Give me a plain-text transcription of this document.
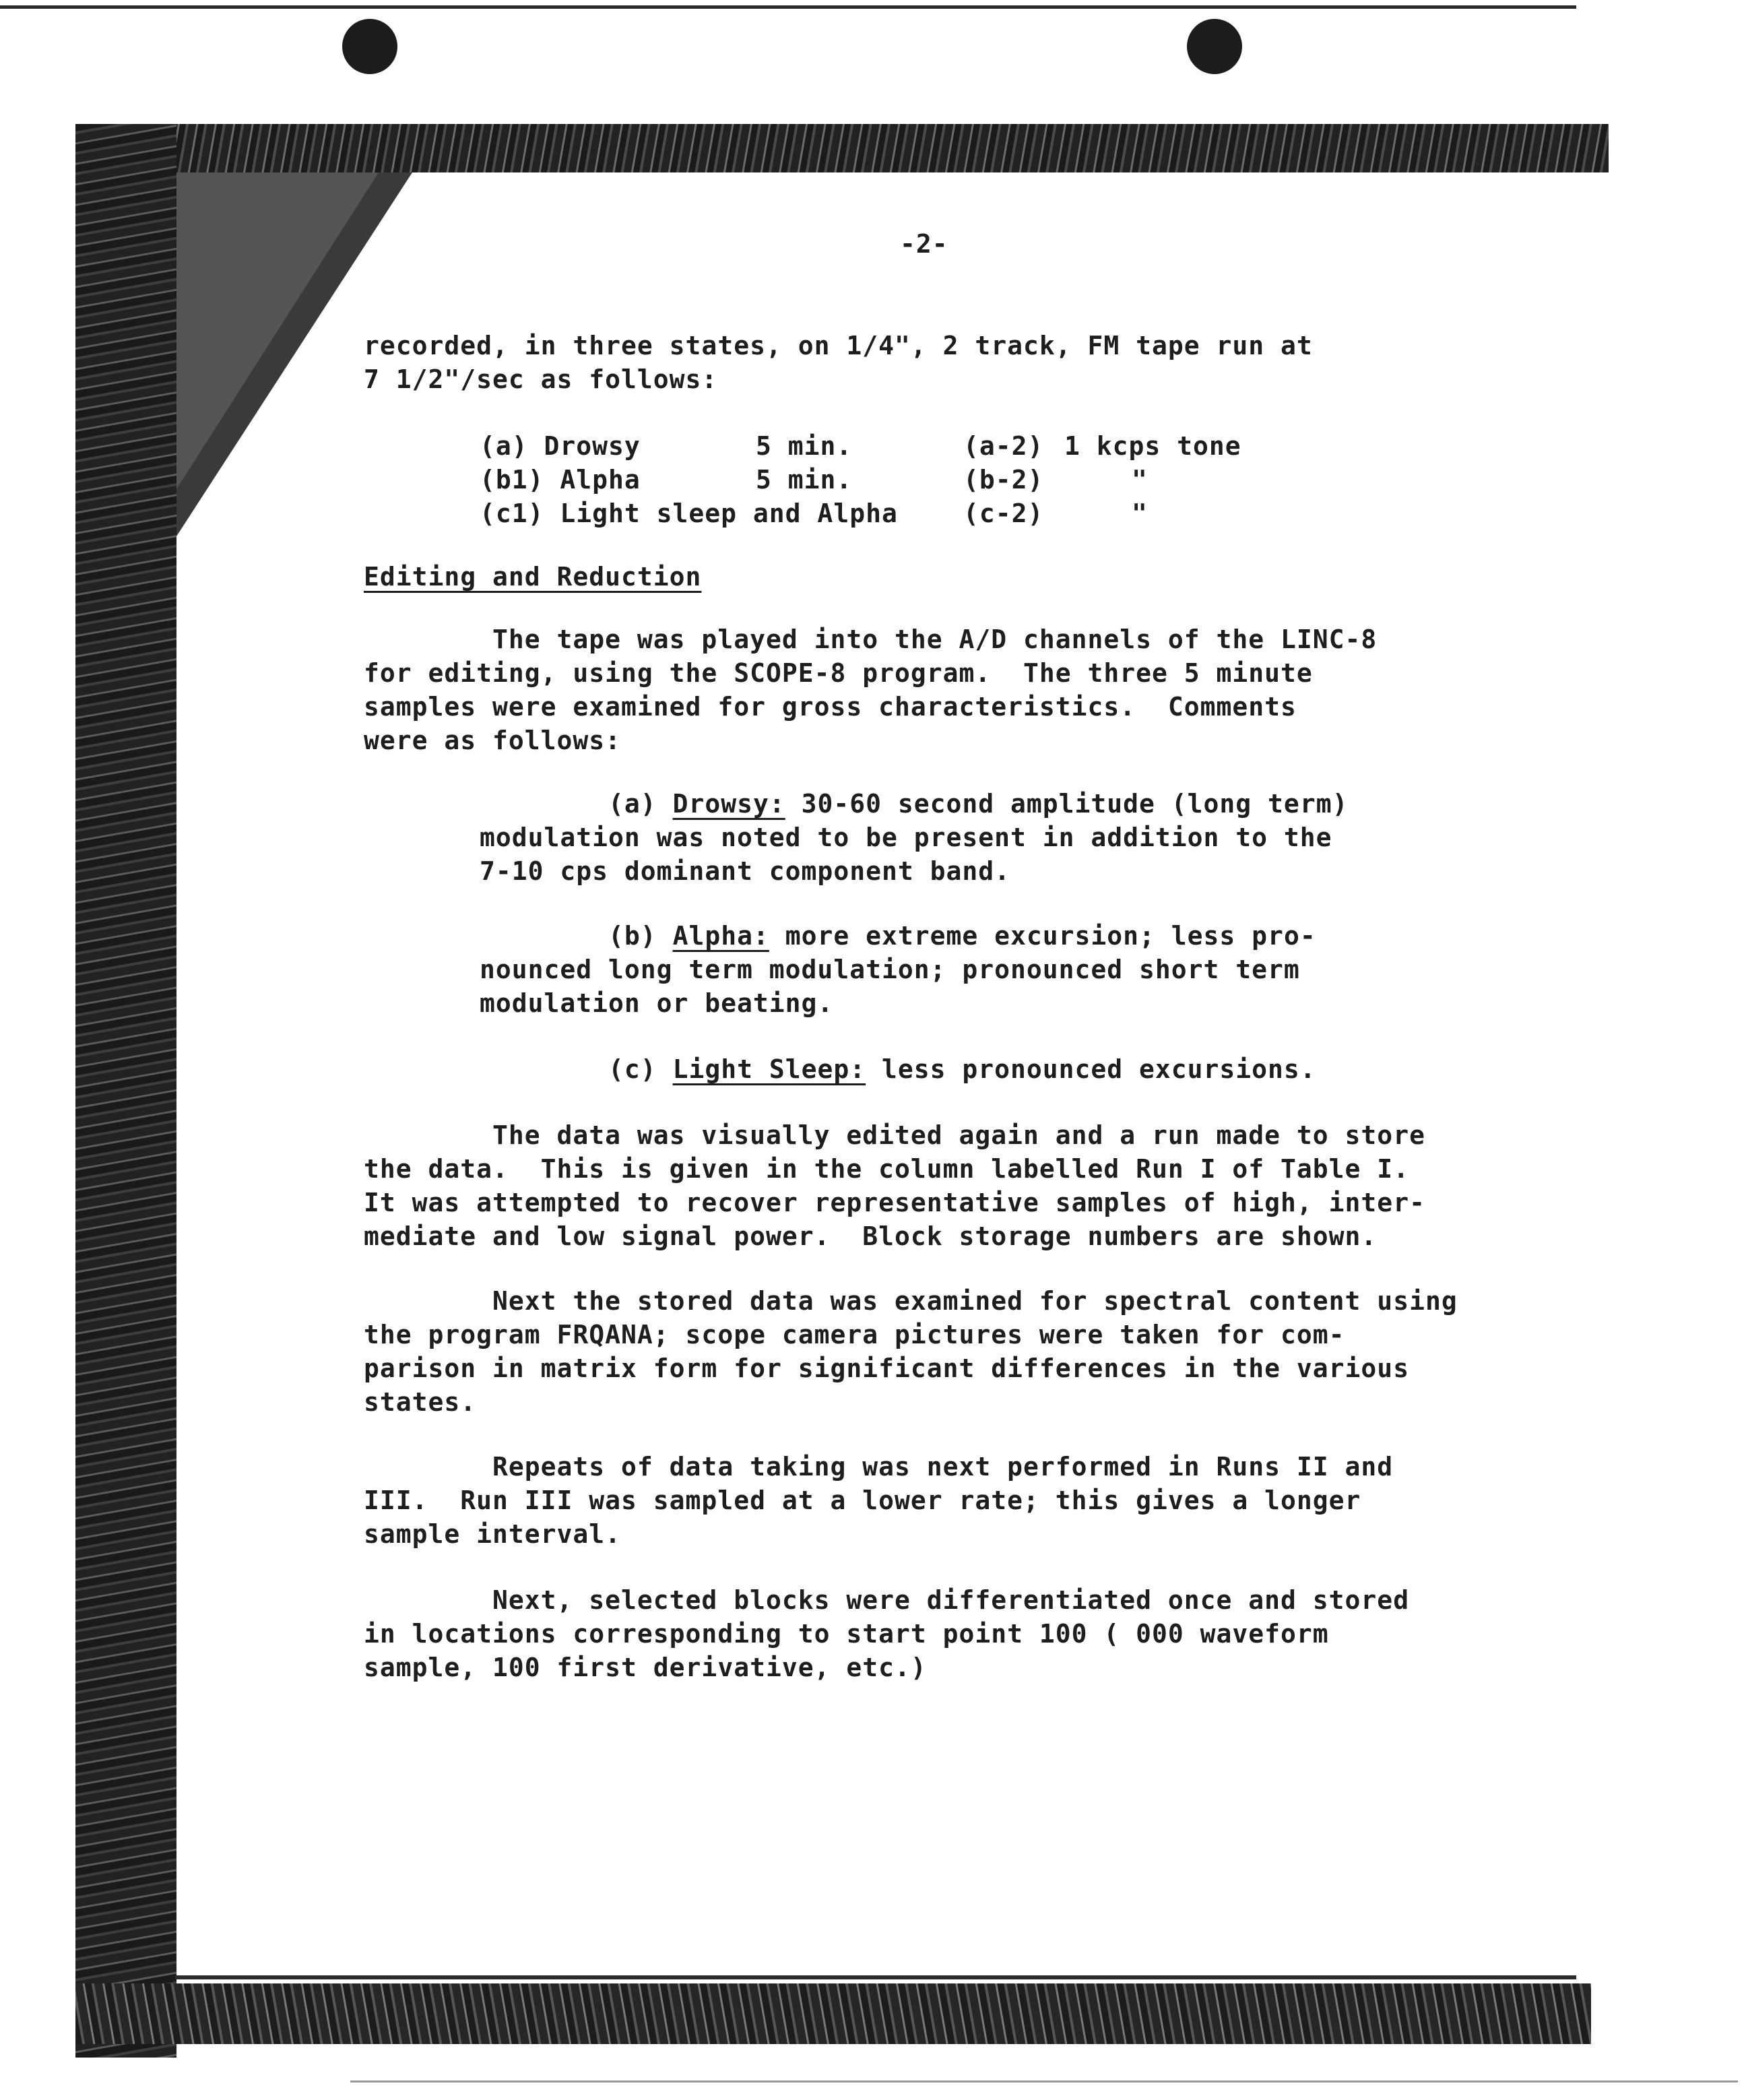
-2-
recorded, in three states, on 1/4", 2 track, FM tape run at
7 1/2"/sec as follows:
(a) Drowsy	5 min.	(a-2) 1 kcps tone
(b1) Alpha	5 min.	(b-2)	"
(c1) Light sleep and Alpha	(c-2)	"
Editing and Reduction
The tape was played into the A/D channels of the LINC-8
for editing, using the SCOPE-8 program.  The three 5 minute
samples were examined for gross characteristics.  Comments
were as follows:
(a) Drowsy: 30-60 second amplitude (long term)
modulation was noted to be present in addition to the
7-10 cps dominant component band.
(b) Alpha: more extreme excursion; less pro-
nounced long term modulation; pronounced short term
modulation or beating.
(c) Light Sleep: less pronounced excursions.
The data was visually edited again and a run made to store
the data.  This is given in the column labelled Run I of Table I.
It was attempted to recover representative samples of high, inter-
mediate and low signal power.  Block storage numbers are shown.
Next the stored data was examined for spectral content using
the program FRQANA; scope camera pictures were taken for com-
parison in matrix form for significant differences in the various
states.
Repeats of data taking was next performed in Runs II and
III.  Run III was sampled at a lower rate; this gives a longer
sample interval.
Next, selected blocks were differentiated once and stored
in locations corresponding to start point 100 ( 000 waveform
sample, 100 first derivative, etc.)
